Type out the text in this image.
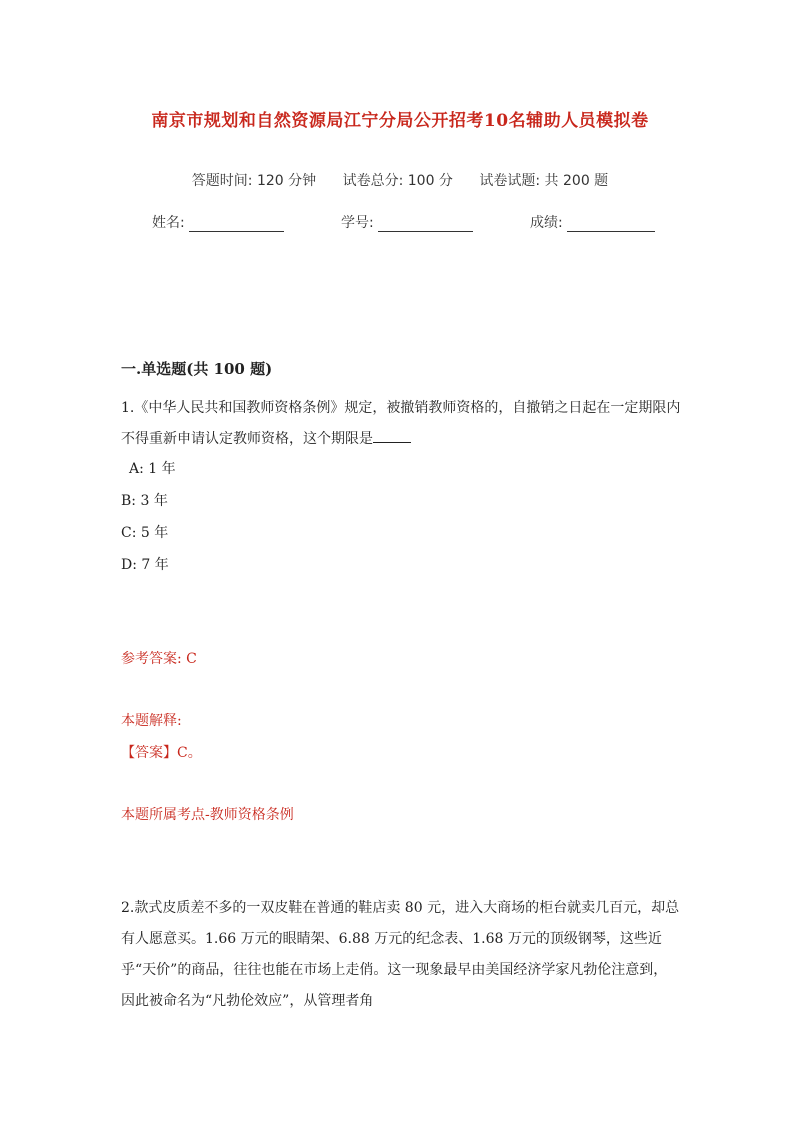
南京市规划和自然资源局江宁分局公开招考10名辅助人员模拟卷
答题时间: 120 分钟 试卷总分: 100 分 试卷试题: 共 200 题
姓名:	学号:	成绩:
一.单选题(共 100 题)
1.《中华人民共和国教师资格条例》规定，被撤销教师资格的，自撤销之日起在一定期限内不得重新申请认定教师资格，这个期限是
A: 1 年
B: 3 年
C: 5 年
D: 7 年
参考答案: C
本题解释:
【答案】C。
本题所属考点-教师资格条例
2.款式皮质差不多的一双皮鞋在普通的鞋店卖 80 元，进入大商场的柜台就卖几百元，却总有人愿意买。1.66 万元的眼睛架、6.88 万元的纪念表、1.68 万元的顶级钢琴，这些近乎“天价”的商品，往往也能在市场上走俏。这一现象最早由美国经济学家凡勃伦注意到，因此被命名为“凡勃伦效应”，从管理者角
